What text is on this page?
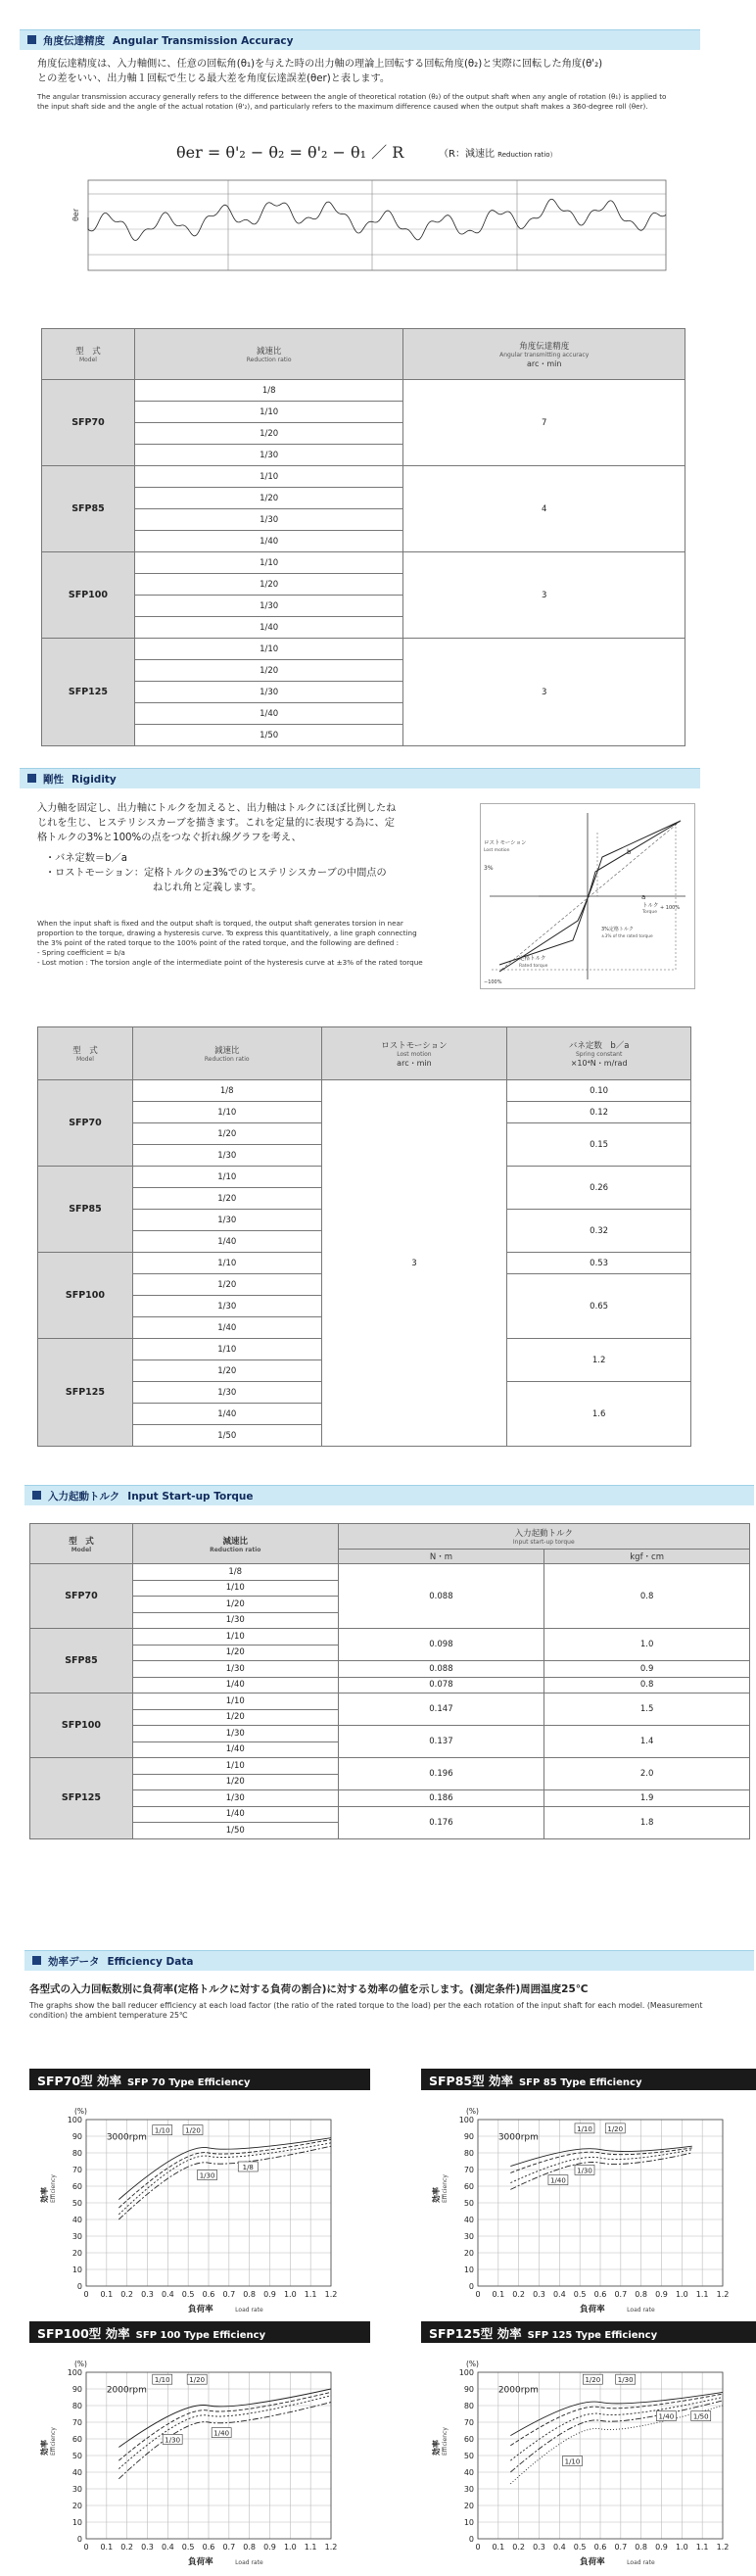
角度伝達精度 Angular Transmission Accuracy
角度伝達精度は、入力軸側に、任意の回転角(θ₁)を与えた時の出力軸の理論上回転する回転角度(θ₂)と実際に回転した角度(θ'₂)
との差をいい、出力軸１回転で生じる最大差を角度伝達誤差(θer)と表します。
The angular transmission accuracy generally refers to the difference between the angle of theoretical rotation (θ₂) of the output shaft when any angle of rotation (θ₁) is applied to
the input shaft side and the angle of the actual rotation (θ'₂), and particularly refers to the maximum difference caused when the output shaft makes a 360-degree roll (θer).
θer = θ'₂ − θ₂ = θ'₂ − θ₁ ／ R	（R：減速比 Reduction ratio）
θer
型　式
Model	減速比
Reduction ratio	角度伝達精度
Angular transmitting accuracy
arc・min

SFP70	1/8	7
	1/10	
	1/20	
	1/30	
SFP85	1/10	4
	1/20	
	1/30	
	1/40	
SFP100	1/10	3
	1/20	
	1/30	
	1/40	
SFP125	1/10	3
	1/20	
	1/30	
	1/40	
	1/50	
剛性 Rigidity
入力軸を固定し、出力軸にトルクを加えると、出力軸はトルクにほぼ比例したね
じれを生じ、ヒステリシスカーブを描きます。これを定量的に表現する為に、定
格トルクの3%と100%の点をつなぐ折れ線グラフを考え、
・バネ定数＝b／a
・ロストモーション：定格トルクの±3%でのヒステリシスカーブの中間点の
ねじれ角と定義します。
When the input shaft is fixed and the output shaft is torqued, the output shaft generates torsion in near
proportion to the torque, drawing a hysteresis curve. To express this quantitatively, a line graph connecting
the 3% point of the rated torque to the 100% point of the rated torque, and the following are defined :
- Spring coefficient = b/a
- Lost motion : The torsion angle of the intermediate point of the hysteresis curve at ±3% of the rated torque
ロストモーション
Lost motion
3%
b
a
トルク
Torque
+ 100%
3%定格トルク
±3% of the rated torque
定格トルク
Rated torque
−100%
型　式
Model	減速比
Reduction ratio	ロストモーション
Lost motion
arc・min	バネ定数　b／a
Spring constant
×10⁴N・m/rad

SFP70	1/8	3	0.10
	1/10		0.12
	1/20		0.15
	1/30		
SFP85	1/10		0.26
	1/20		
	1/30		0.32
	1/40		
SFP100	1/10		0.53
	1/20		0.65
	1/30		
	1/40		
SFP125	1/10		1.2
	1/20		
	1/30		1.6
	1/40		
	1/50		
入力起動トルク Input Start-up Torque
型　式
Model	減速比
Reduction ratio	入力起動トルク
Input start-up torque	

		N・m	kgf・cm
SFP70	1/8	0.088	0.8
	1/10		
	1/20		
	1/30		
SFP85	1/10	0.098	1.0
	1/20		
	1/30	0.088	0.9
	1/40	0.078	0.8
SFP100	1/10	0.147	1.5
	1/20		
	1/30	0.137	1.4
	1/40		
SFP125	1/10	0.196	2.0
	1/20		
	1/30	0.186	1.9
	1/40	0.176	1.8
	1/50		
効率データ Efficiency Data
各型式の入力回転数別に負荷率(定格トルクに対する負荷の割合)に対する効率の値を示します。(測定条件)周囲温度25℃
The graphs show the ball reducer efficiency at each load factor (the ratio of the rated torque to the load) per the each rotation of the input shaft for each model. (Measurement
condition) the ambient temperature 25℃
SFP70型 効率 SFP 70 Type Efficiency
100
90
80
70
60
50
40
30
20
10
0
0 0.1 0.2 0.3 0.4 0.5 0.6 0.7 0.8 0.9 1.0 1.1 1.2
(%)
効率 Efficiency
負荷率	Load rate
3000rpm
1/10 1/20
1/30
1/8
SFP85型 効率 SFP 85 Type Efficiency
100
90
80
70
60
50
40
30
20
10
0
0 0.1 0.2 0.3 0.4 0.5 0.6 0.7 0.8 0.9 1.0 1.1 1.2
(%)
効率 Efficiency
負荷率	Load rate
3000rpm
1/10 1/20
1/40
1/30
SFP100型 効率 SFP 100 Type Efficiency
100
90
80
70
60
50
40
30
20
10
0
0 0.1 0.2 0.3 0.4 0.5 0.6 0.7 0.8 0.9 1.0 1.1 1.2
(%)
効率 Efficiency
負荷率	Load rate
2000rpm
1/10	1/20
1/30
1/40
SFP125型 効率 SFP 125 Type Efficiency
100
90
80
70
60
50
40
30
20
10
0
0 0.1 0.2 0.3 0.4 0.5 0.6 0.7 0.8 0.9 1.0 1.1 1.2
(%)
効率 Efficiency
負荷率	Load rate
2000rpm
1/20	1/30
1/40	1/50
1/10
